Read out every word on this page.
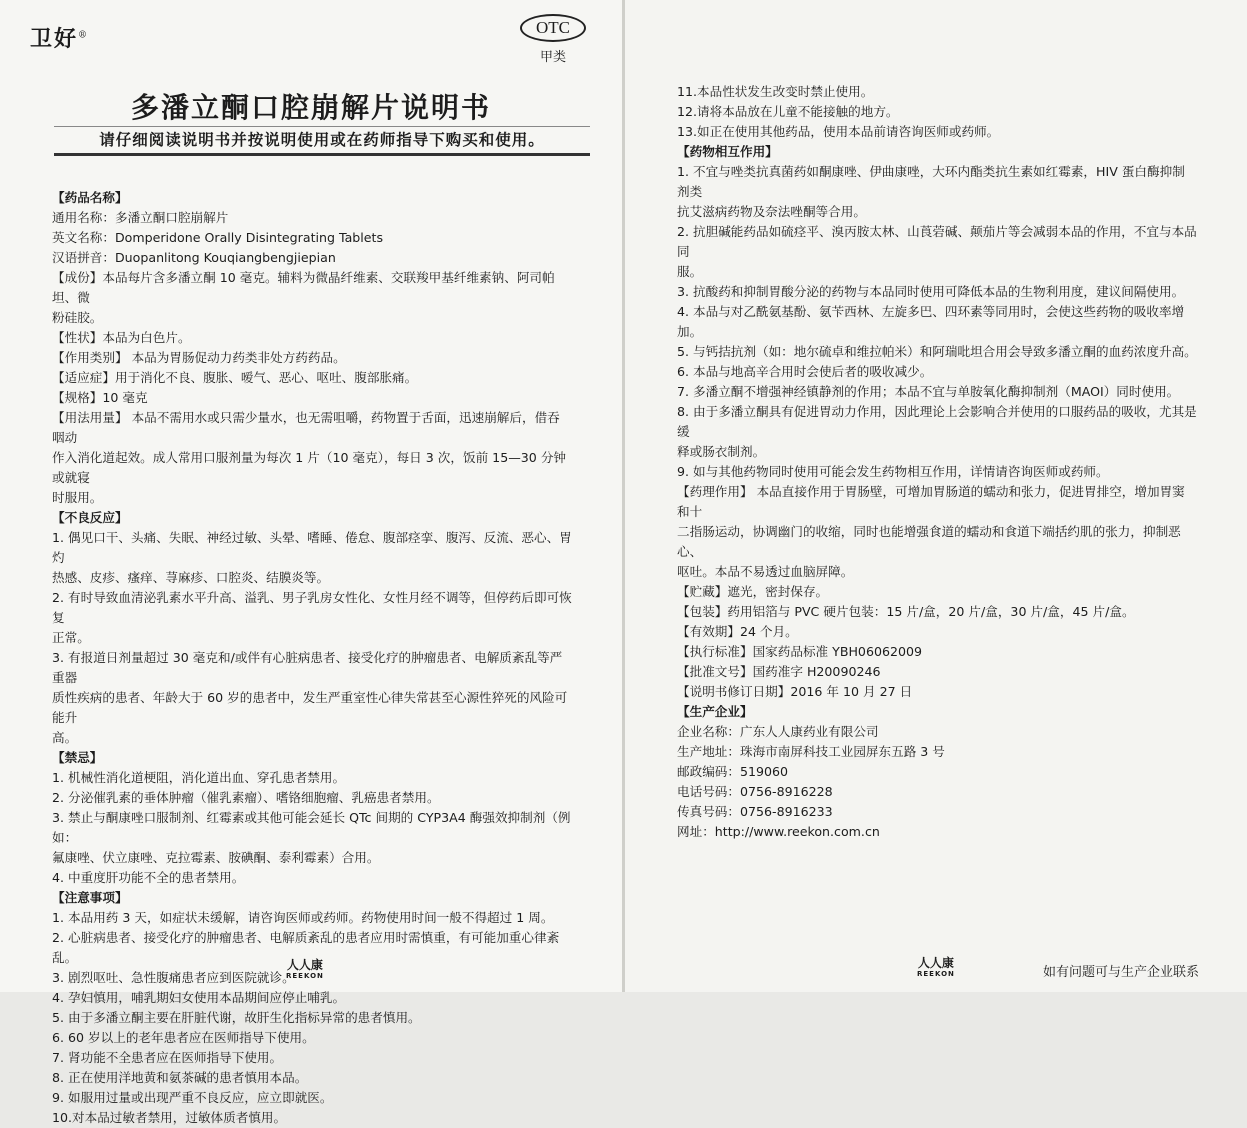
卫好®	OTC
甲类
多潘立酮口腔崩解片说明书
请仔细阅读说明书并按说明使用或在药师指导下购买和使用。

【药品名称】

通用名称：多潘立酮口腔崩解片

英文名称：Domperidone Orally Disintegrating Tablets

汉语拼音：Duopanlitong Kouqiangbengjiepian

【成份】本品每片含多潘立酮 10 毫克。辅料为微晶纤维素、交联羧甲基纤维素钠、阿司帕坦、微

粉硅胶。

【性状】本品为白色片。

【作用类别】 本品为胃肠促动力药类非处方药药品。

【适应症】用于消化不良、腹胀、嗳气、恶心、呕吐、腹部胀痛。

【规格】10 毫克

【用法用量】 本品不需用水或只需少量水，也无需咀嚼，药物置于舌面，迅速崩解后，借吞咽动

作入消化道起效。成人常用口服剂量为每次 1 片（10 毫克），每日 3 次，饭前 15—30 分钟或就寝

时服用。

【不良反应】

1. 偶见口干、头痛、失眠、神经过敏、头晕、嗜睡、倦怠、腹部痉挛、腹泻、反流、恶心、胃灼

热感、皮疹、瘙痒、荨麻疹、口腔炎、结膜炎等。

2. 有时导致血清泌乳素水平升高、溢乳、男子乳房女性化、女性月经不调等，但停药后即可恢复

正常。

3. 有报道日剂量超过 30 毫克和/或伴有心脏病患者、接受化疗的肿瘤患者、电解质紊乱等严重器

质性疾病的患者、年龄大于 60 岁的患者中，发生严重室性心律失常甚至心源性猝死的风险可能升

高。

【禁忌】

1. 机械性消化道梗阻，消化道出血、穿孔患者禁用。

2. 分泌催乳素的垂体肿瘤（催乳素瘤）、嗜铬细胞瘤、乳癌患者禁用。

3. 禁止与酮康唑口服制剂、红霉素或其他可能会延长 QTc 间期的 CYP3A4 酶强效抑制剂（例如：

氟康唑、伏立康唑、克拉霉素、胺碘酮、泰利霉素）合用。

4. 中重度肝功能不全的患者禁用。

【注意事项】

1. 本品用药 3 天，如症状未缓解，请咨询医师或药师。药物使用时间一般不得超过 1 周。

2. 心脏病患者、接受化疗的肿瘤患者、电解质紊乱的患者应用时需慎重，有可能加重心律紊乱。

3. 剧烈呕吐、急性腹痛患者应到医院就诊。

4. 孕妇慎用，哺乳期妇女使用本品期间应停止哺乳。

5. 由于多潘立酮主要在肝脏代谢，故肝生化指标异常的患者慎用。

6. 60 岁以上的老年患者应在医师指导下使用。

7. 肾功能不全患者应在医师指导下使用。

8. 正在使用洋地黄和氨茶碱的患者慎用本品。

9. 如服用过量或出现严重不良反应，应立即就医。

10.对本品过敏者禁用，过敏体质者慎用。

人人康
REEKON

11.本品性状发生改变时禁止使用。

12.请将本品放在儿童不能接触的地方。

13.如正在使用其他药品，使用本品前请咨询医师或药师。

【药物相互作用】

1. 不宜与唑类抗真菌药如酮康唑、伊曲康唑，大环内酯类抗生素如红霉素，HIV 蛋白酶抑制剂类

抗艾滋病药物及奈法唑酮等合用。

2. 抗胆碱能药品如硫痉平、溴丙胺太林、山莨菪碱、颠茄片等会减弱本品的作用，不宜与本品同

服。

3. 抗酸药和抑制胃酸分泌的药物与本品同时使用可降低本品的生物利用度，建议间隔使用。

4. 本品与对乙酰氨基酚、氨苄西林、左旋多巴、四环素等同用时，会使这些药物的吸收率增加。

5. 与钙拮抗剂（如：地尔硫卓和维拉帕米）和阿瑞吡坦合用会导致多潘立酮的血药浓度升高。

6. 本品与地高辛合用时会使后者的吸收减少。

7. 多潘立酮不增强神经镇静剂的作用；本品不宜与单胺氧化酶抑制剂（MAOI）同时使用。

8. 由于多潘立酮具有促进胃动力作用，因此理论上会影响合并使用的口服药品的吸收，尤其是缓

释或肠衣制剂。

9. 如与其他药物同时使用可能会发生药物相互作用，详情请咨询医师或药师。

【药理作用】 本品直接作用于胃肠壁，可增加胃肠道的蠕动和张力，促进胃排空，增加胃窦和十

二指肠运动，协调幽门的收缩，同时也能增强食道的蠕动和食道下端括约肌的张力，抑制恶心、

呕吐。本品不易透过血脑屏障。

【贮藏】遮光，密封保存。

【包装】药用铝箔与 PVC 硬片包装：15 片/盒，20 片/盒，30 片/盒，45 片/盒。

【有效期】24 个月。

【执行标准】国家药品标准 YBH06062009

【批准文号】国药准字 H20090246

【说明书修订日期】2016 年 10 月 27 日

【生产企业】

企业名称：广东人人康药业有限公司

生产地址：珠海市南屏科技工业园屏东五路 3 号

邮政编码：519060

电话号码：0756-8916228

传真号码：0756-8916233

网址：http://www.reekon.com.cn

人人康
REEKON	如有问题可与生产企业联系
